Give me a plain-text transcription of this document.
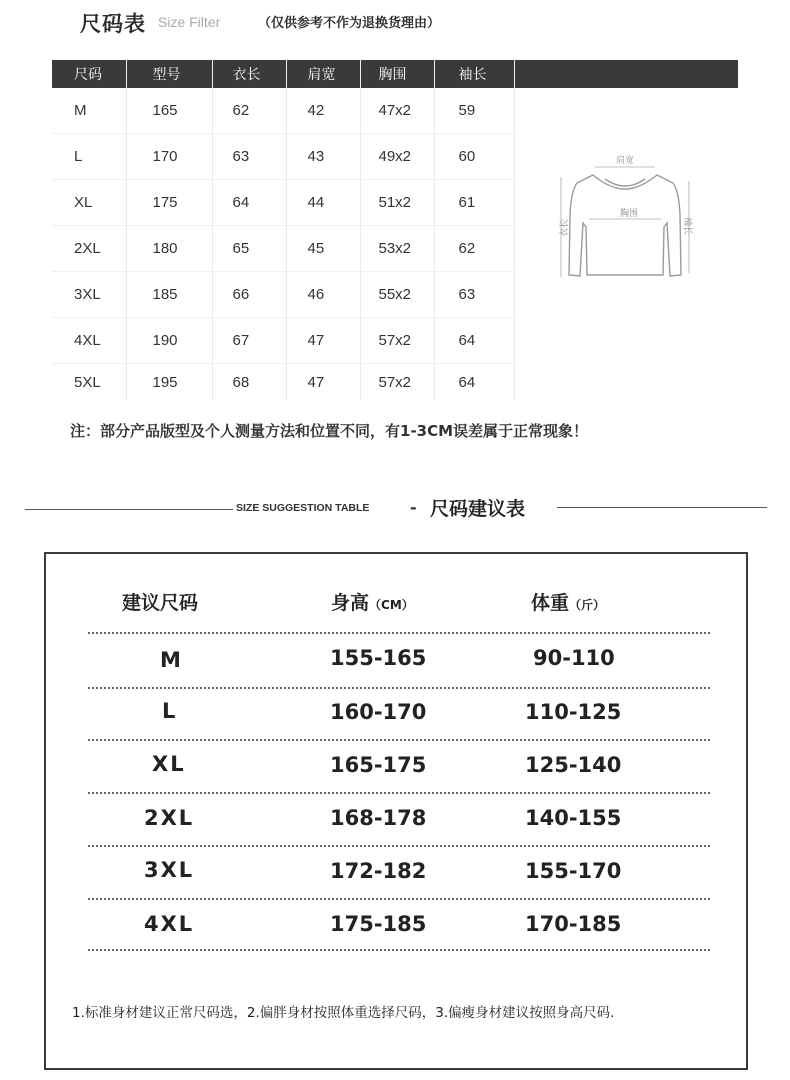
尺码表 Size Filter	（仅供参考不作为退换货理由）
尺码	型号	衣长	肩宽	胸围	袖长	
M	165	62	42	47x2	59	
L	170	63	43	49x2	60	
XL	175	64	44	51x2	61	
2XL	180	65	45	53x2	62	
3XL	185	66	46	55x2	63	
4XL	190	67	47	57x2	64	
5XL	195	68	47	57x2	64	
肩宽
胸围
衣长	袖长
注：部分产品版型及个人测量方法和位置不同，有1-3CM误差属于正常现象！
SIZE SUGGESTION TABLE	- 尺码建议表
建议尺码	身高（CM）	体重（斤）
M	155-165	90-110
L	160-170	110-125
XL	165-175	125-140
2XL	168-178	140-155
3XL	172-182	155-170
4XL	175-185	170-185
1.标准身材建议正常尺码选，2.偏胖身材按照体重选择尺码，3.偏瘦身材建议按照身高尺码.
